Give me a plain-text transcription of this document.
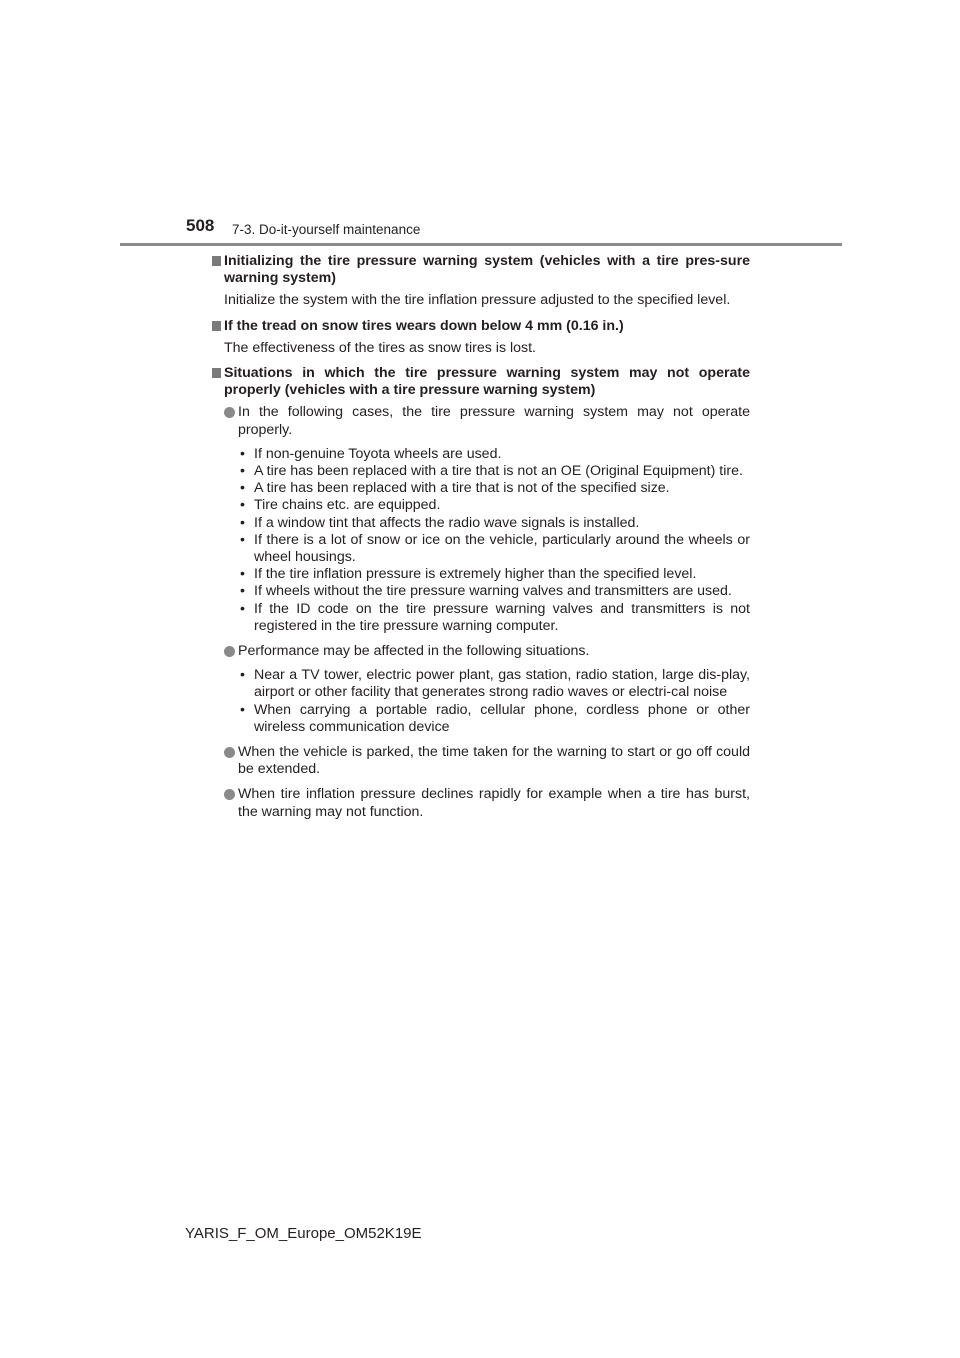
508 7-3. Do-it-yourself maintenance
Initializing the tire pressure warning system (vehicles with a tire pres-sure warning system)
Initialize the system with the tire inflation pressure adjusted to the specified level.
If the tread on snow tires wears down below 4 mm (0.16 in.)
The effectiveness of the tires as snow tires is lost.
Situations in which the tire pressure warning system may not operate properly (vehicles with a tire pressure warning system)
In the following cases, the tire pressure warning system may not operate properly.
• If non-genuine Toyota wheels are used.
• A tire has been replaced with a tire that is not an OE (Original Equipment) tire.
• A tire has been replaced with a tire that is not of the specified size.
• Tire chains etc. are equipped.
• If a window tint that affects the radio wave signals is installed.
• If there is a lot of snow or ice on the vehicle, particularly around the wheels or wheel housings.
• If the tire inflation pressure is extremely higher than the specified level.
• If wheels without the tire pressure warning valves and transmitters are used.
• If the ID code on the tire pressure warning valves and transmitters is not registered in the tire pressure warning computer.
Performance may be affected in the following situations.
• Near a TV tower, electric power plant, gas station, radio station, large dis-play, airport or other facility that generates strong radio waves or electri-cal noise
• When carrying a portable radio, cellular phone, cordless phone or other wireless communication device
When the vehicle is parked, the time taken for the warning to start or go off could be extended.
When tire inflation pressure declines rapidly for example when a tire has burst, the warning may not function.
YARIS_F_OM_Europe_OM52K19E
